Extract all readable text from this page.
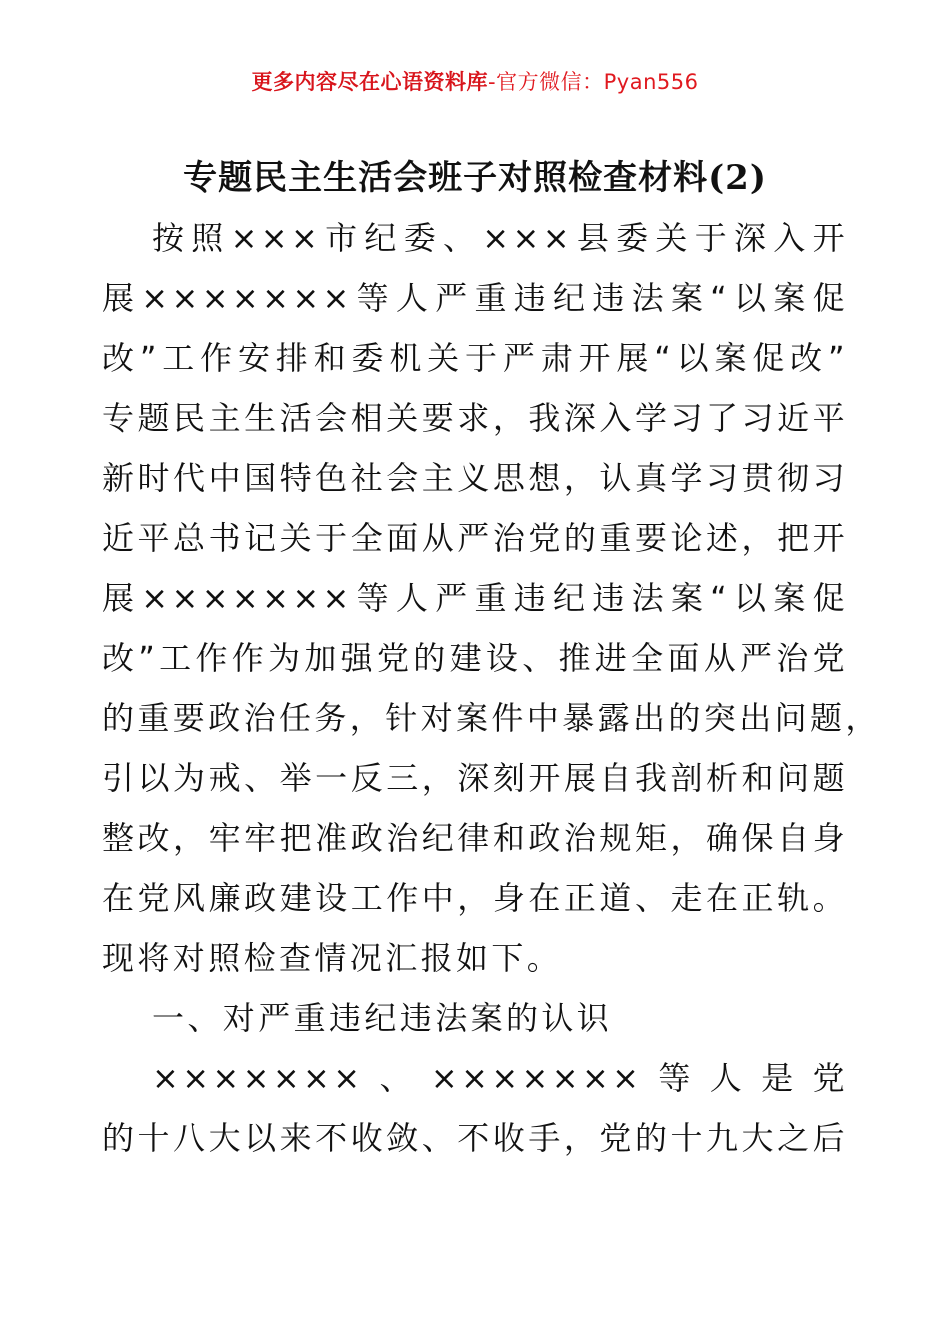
更多内容尽在心语资料库-官方微信：Pyan556
专题民主生活会班子对照检查材料(2)
按照×××市纪委、×××县委关于深入开
展×××××××等人严重违纪违法案“以案促
改”工作安排和委机关于严肃开展“以案促改”
专题民主生活会相关要求，我深入学习了习近平
新时代中国特色社会主义思想，认真学习贯彻习
近平总书记关于全面从严治党的重要论述，把开
展×××××××等人严重违纪违法案“以案促
改”工作作为加强党的建设、推进全面从严治党
的重要政治任务，针对案件中暴露出的突出问题，
引以为戒、举一反三，深刻开展自我剖析和问题
整改，牢牢把准政治纪律和政治规矩，确保自身
在党风廉政建设工作中，身在正道、走在正轨。
现将对照检查情况汇报如下。
一、对严重违纪违法案的认识
×××××××、×××××××等人是党
的十八大以来不收敛、不收手，党的十九大之后
